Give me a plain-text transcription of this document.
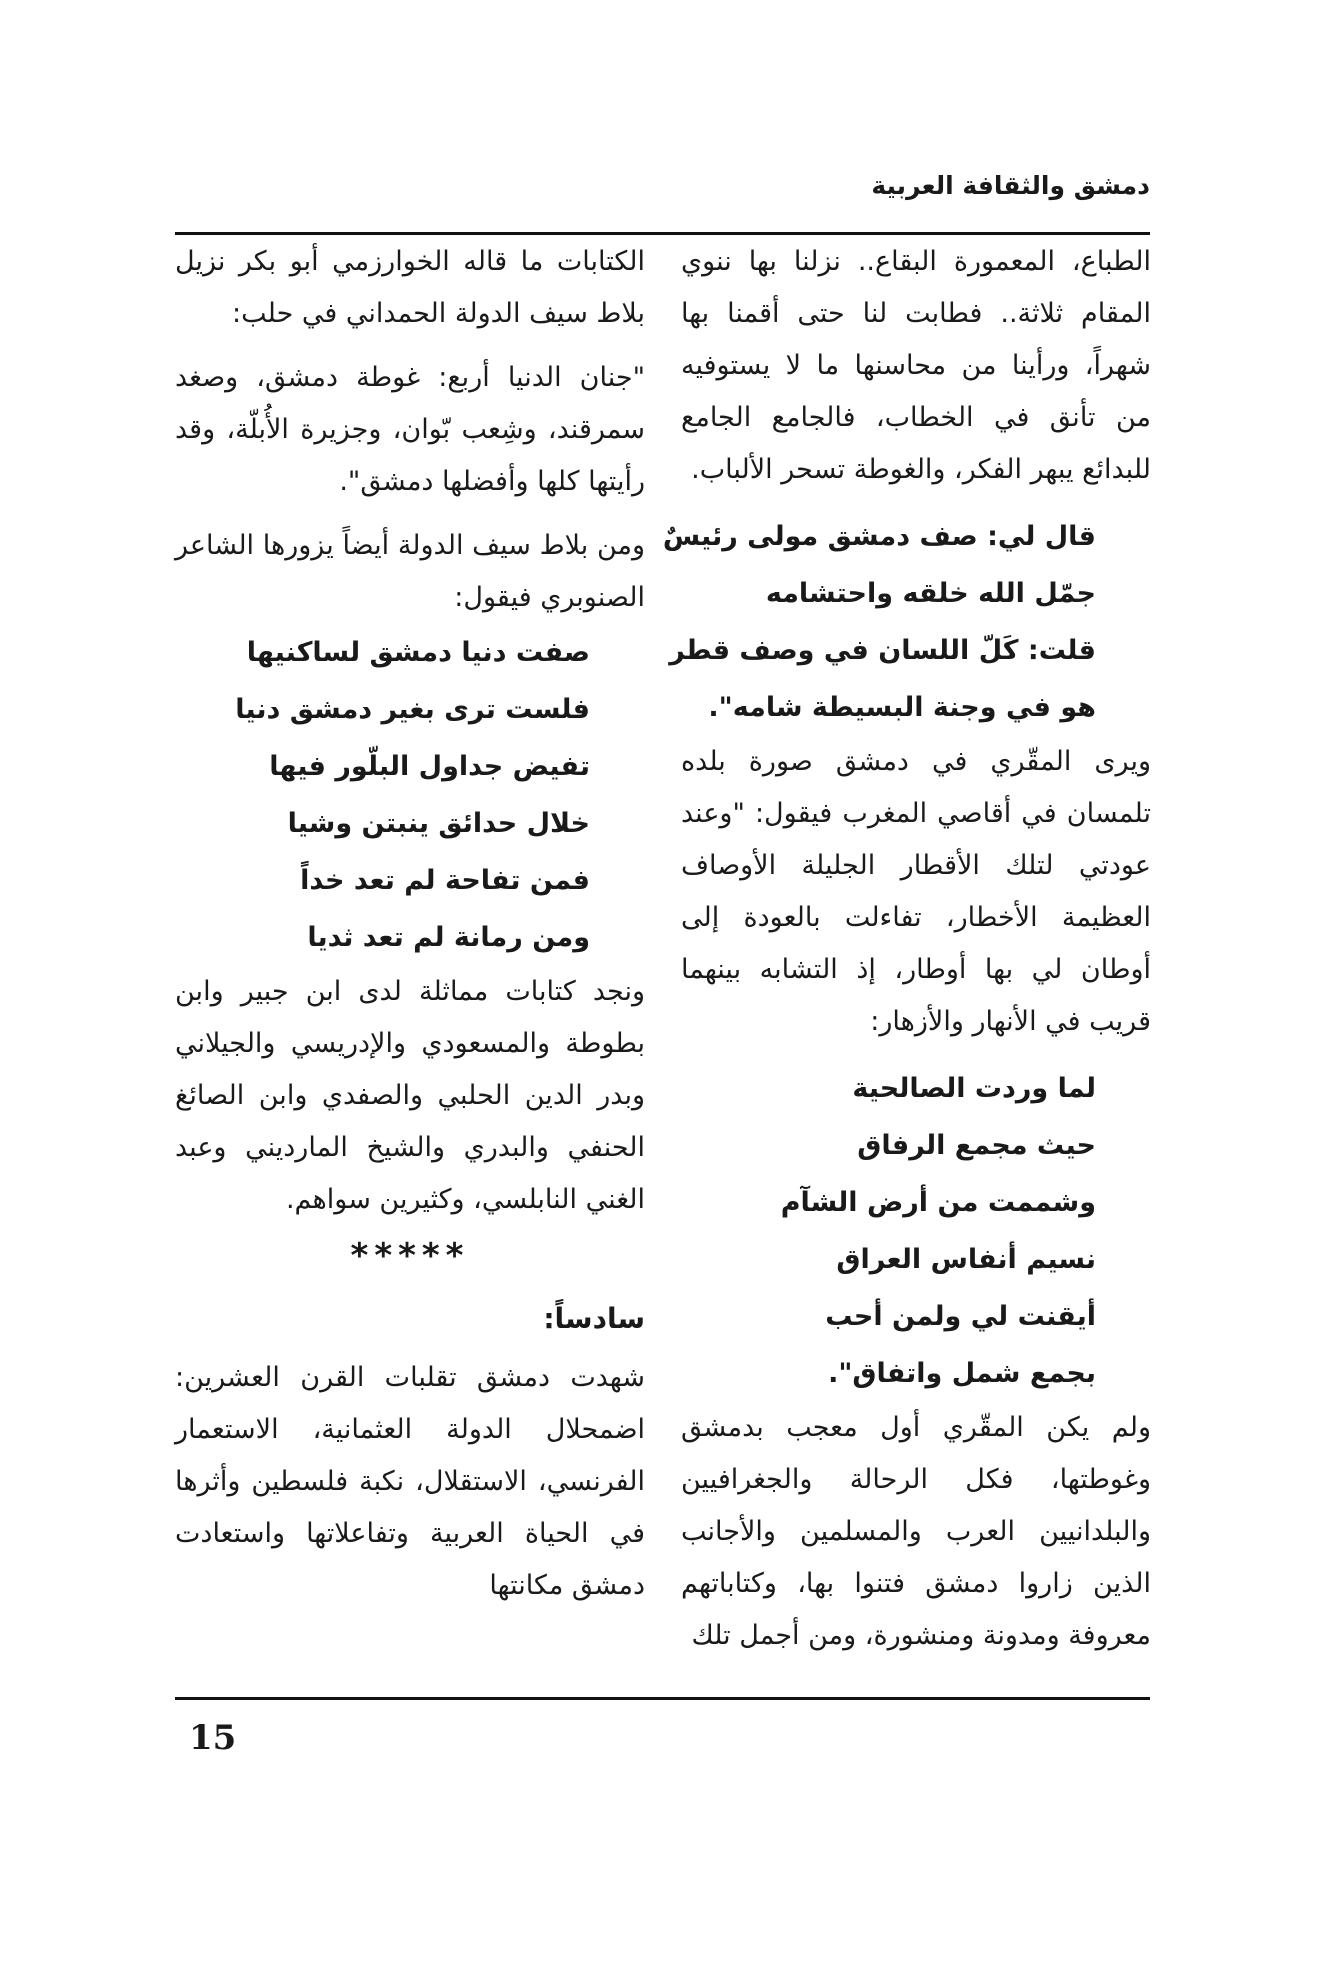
دمشق والثقافة العربية

الطباع، المعمورة البقاع.. نزلنا بها ننوي المقام ثلاثة.. فطابت لنا حتى أقمنا بها شهراً، ورأينا من محاسنها ما لا يستوفيه من تأنق في الخطاب، فالجامع الجامع للبدائع يبهر الفكر، والغوطة تسحر الألباب.

قال لي: صف دمشق مولى رئيسٌ

جمّل الله خلقه واحتشامه

قلت: كَلّ اللسان في وصف قطر

هو في وجنة البسيطة شامه".

ويرى المقّري في دمشق صورة بلده تلمسان في أقاصي المغرب فيقول: "وعند عودتي لتلك الأقطار الجليلة الأوصاف العظيمة الأخطار، تفاءلت بالعودة إلى أوطان لي بها أوطار، إذ التشابه بينهما قريب في الأنهار والأزهار:

لما وردت الصالحية

حيث مجمع الرفاق

وشممت من أرض الشآم

نسيم أنفاس العراق

أيقنت لي ولمن أحب

بجمع شمل واتفاق".

ولم يكن المقّري أول معجب بدمشق وغوطتها، فكل الرحالة والجغرافيين والبلدانيين العرب والمسلمين والأجانب الذين زاروا دمشق فتنوا بها، وكتاباتهم معروفة ومدونة ومنشورة، ومن أجمل تلك

الكتابات ما قاله الخوارزمي أبو بكر نزيل بلاط سيف الدولة الحمداني في حلب:

"جنان الدنيا أربع: غوطة دمشق، وصغد سمرقند، وشِعب بّوان، وجزيرة الأُبلّة، وقد رأيتها كلها وأفضلها دمشق".

ومن بلاط سيف الدولة أيضاً يزورها الشاعر الصنوبري فيقول:

صفت دنيا دمشق لساكنيها

فلست ترى بغير دمشق دنيا

تفيض جداول البلّور فيها

خلال حدائق ينبتن وشيا

فمن تفاحة لم تعد خداً

ومن رمانة لم تعد ثديا

ونجد كتابات مماثلة لدى ابن جبير وابن بطوطة والمسعودي والإدريسي والجيلاني وبدر الدين الحلبي والصفدي وابن الصائغ الحنفي والبدري والشيخ المارديني وعبد الغني النابلسي، وكثيرين سواهم.

*****

سادساً:

شهدت دمشق تقلبات القرن العشرين: اضمحلال الدولة العثمانية، الاستعمار الفرنسي، الاستقلال، نكبة فلسطين وأثرها في الحياة العربية وتفاعلاتها واستعادت دمشق مكانتها

15
